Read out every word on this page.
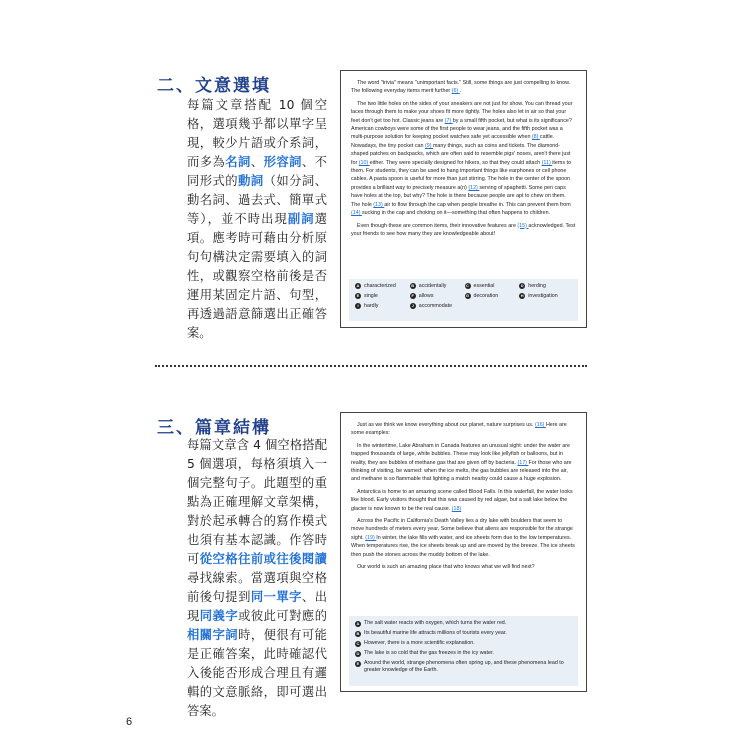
二、文意選填
每篇文章搭配 10 個空格，選項幾乎都以單字呈現，較少片語或介系詞，而多為名詞、形容詞、不同形式的動詞（如分詞、動名詞、過去式、簡單式等），並不時出現副詞選項。應考時可藉由分析原句句構決定需要填入的詞性，或觀察空格前後是否運用某固定片語、句型，再透過語意篩選出正確答案。

The word "trivia" means "unimportant facts." Still, some things are just compelling to know. The following everyday items merit further (6) .

The two little holes on the sides of your sneakers are not just for show. You can thread your laces through them to make your shoes fit more tightly. The holes also let in air so that your feet don't get too hot. Classic jeans are (7) by a small fifth pocket, but what is its significance? American cowboys were some of the first people to wear jeans, and the fifth pocket was a multi-purpose solution for keeping pocket watches safe yet accessible when (8) cattle. Nowadays, the tiny pocket can (9) many things, such as coins and tickets. The diamond-shaped patches on backpacks, which are often said to resemble pigs' noses, aren't there just for (10) either. They were specially designed for hikers, so that they could attach (11) items to them. For students, they can be used to hang important things like earphones or cell phone cables. A pasta spoon is useful for more than just stirring. The hole in the center of the spoon provides a brilliant way to precisely measure a(n) (12) serving of spaghetti. Some pen caps have holes at the top, but why? The hole is there because people are apt to chew on them. The hole (13) air to flow through the cap when people breathe in. This can prevent them from (14) sucking in the cap and choking on it—something that often happens to children.

Even though these are common items, their innovative features are (15) acknowledged. Test your friends to see how many they are knowledgeable about!

A characterized	B accidentally	C essential	D herding
E single	F allows	G decoration	H investigation
I	hardly	J accommodate
三、篇章結構
每篇文章含 4 個空格搭配 5 個選項，每格須填入一個完整句子。此題型的重點為正確理解文章架構，對於起承轉合的寫作模式也須有基本認識。作答時可從空格往前或往後閱讀尋找線索。當選項與空格前後句提到同一單字、出現同義字或彼此可對應的相關字詞時，便很有可能是正確答案，此時確認代入後能否形成合理且有邏輯的文意脈絡，即可選出答案。

Just as we think we know everything about our planet, nature surprises us. (16) Here are some examples:

In the wintertime, Lake Abraham in Canada features an unusual sight: under the water are trapped thousands of large, white bubbles. These may look like jellyfish or balloons, but in reality, they are bubbles of methane gas that are given off by bacteria. (17) For those who are thinking of visiting, be warned: when the ice melts, the gas bubbles are released into the air, and methane is so flammable that lighting a match nearby could cause a huge explosion.

Antarctica is home to an amazing scene called Blood Falls. In this waterfall, the water looks like blood. Early visitors thought that this was caused by red algae, but a salt lake below the glacier is now known to be the real cause. (18)

Across the Pacific in California's Death Valley lies a dry lake with boulders that seem to move hundreds of meters every year. Some believe that aliens are responsible for the strange sight. (19) In winter, the lake fills with water, and ice sheets form due to the low temperatures. When temperatures rise, the ice sheets break up and are moved by the breeze. The ice sheets then push the stones across the muddy bottom of the lake.

Our world is such an amazing place that who knows what we will find next?

A The salt water reacts with oxygen, which turns the water red.
B Its beautiful marine life attracts millions of tourists every year.
C However, there is a more scientific explanation.
D The lake is so cold that the gas freezes in the icy water.
E Around the world, strange phenomena often spring up, and these phenomena lead to greater knowledge of the Earth.
6
